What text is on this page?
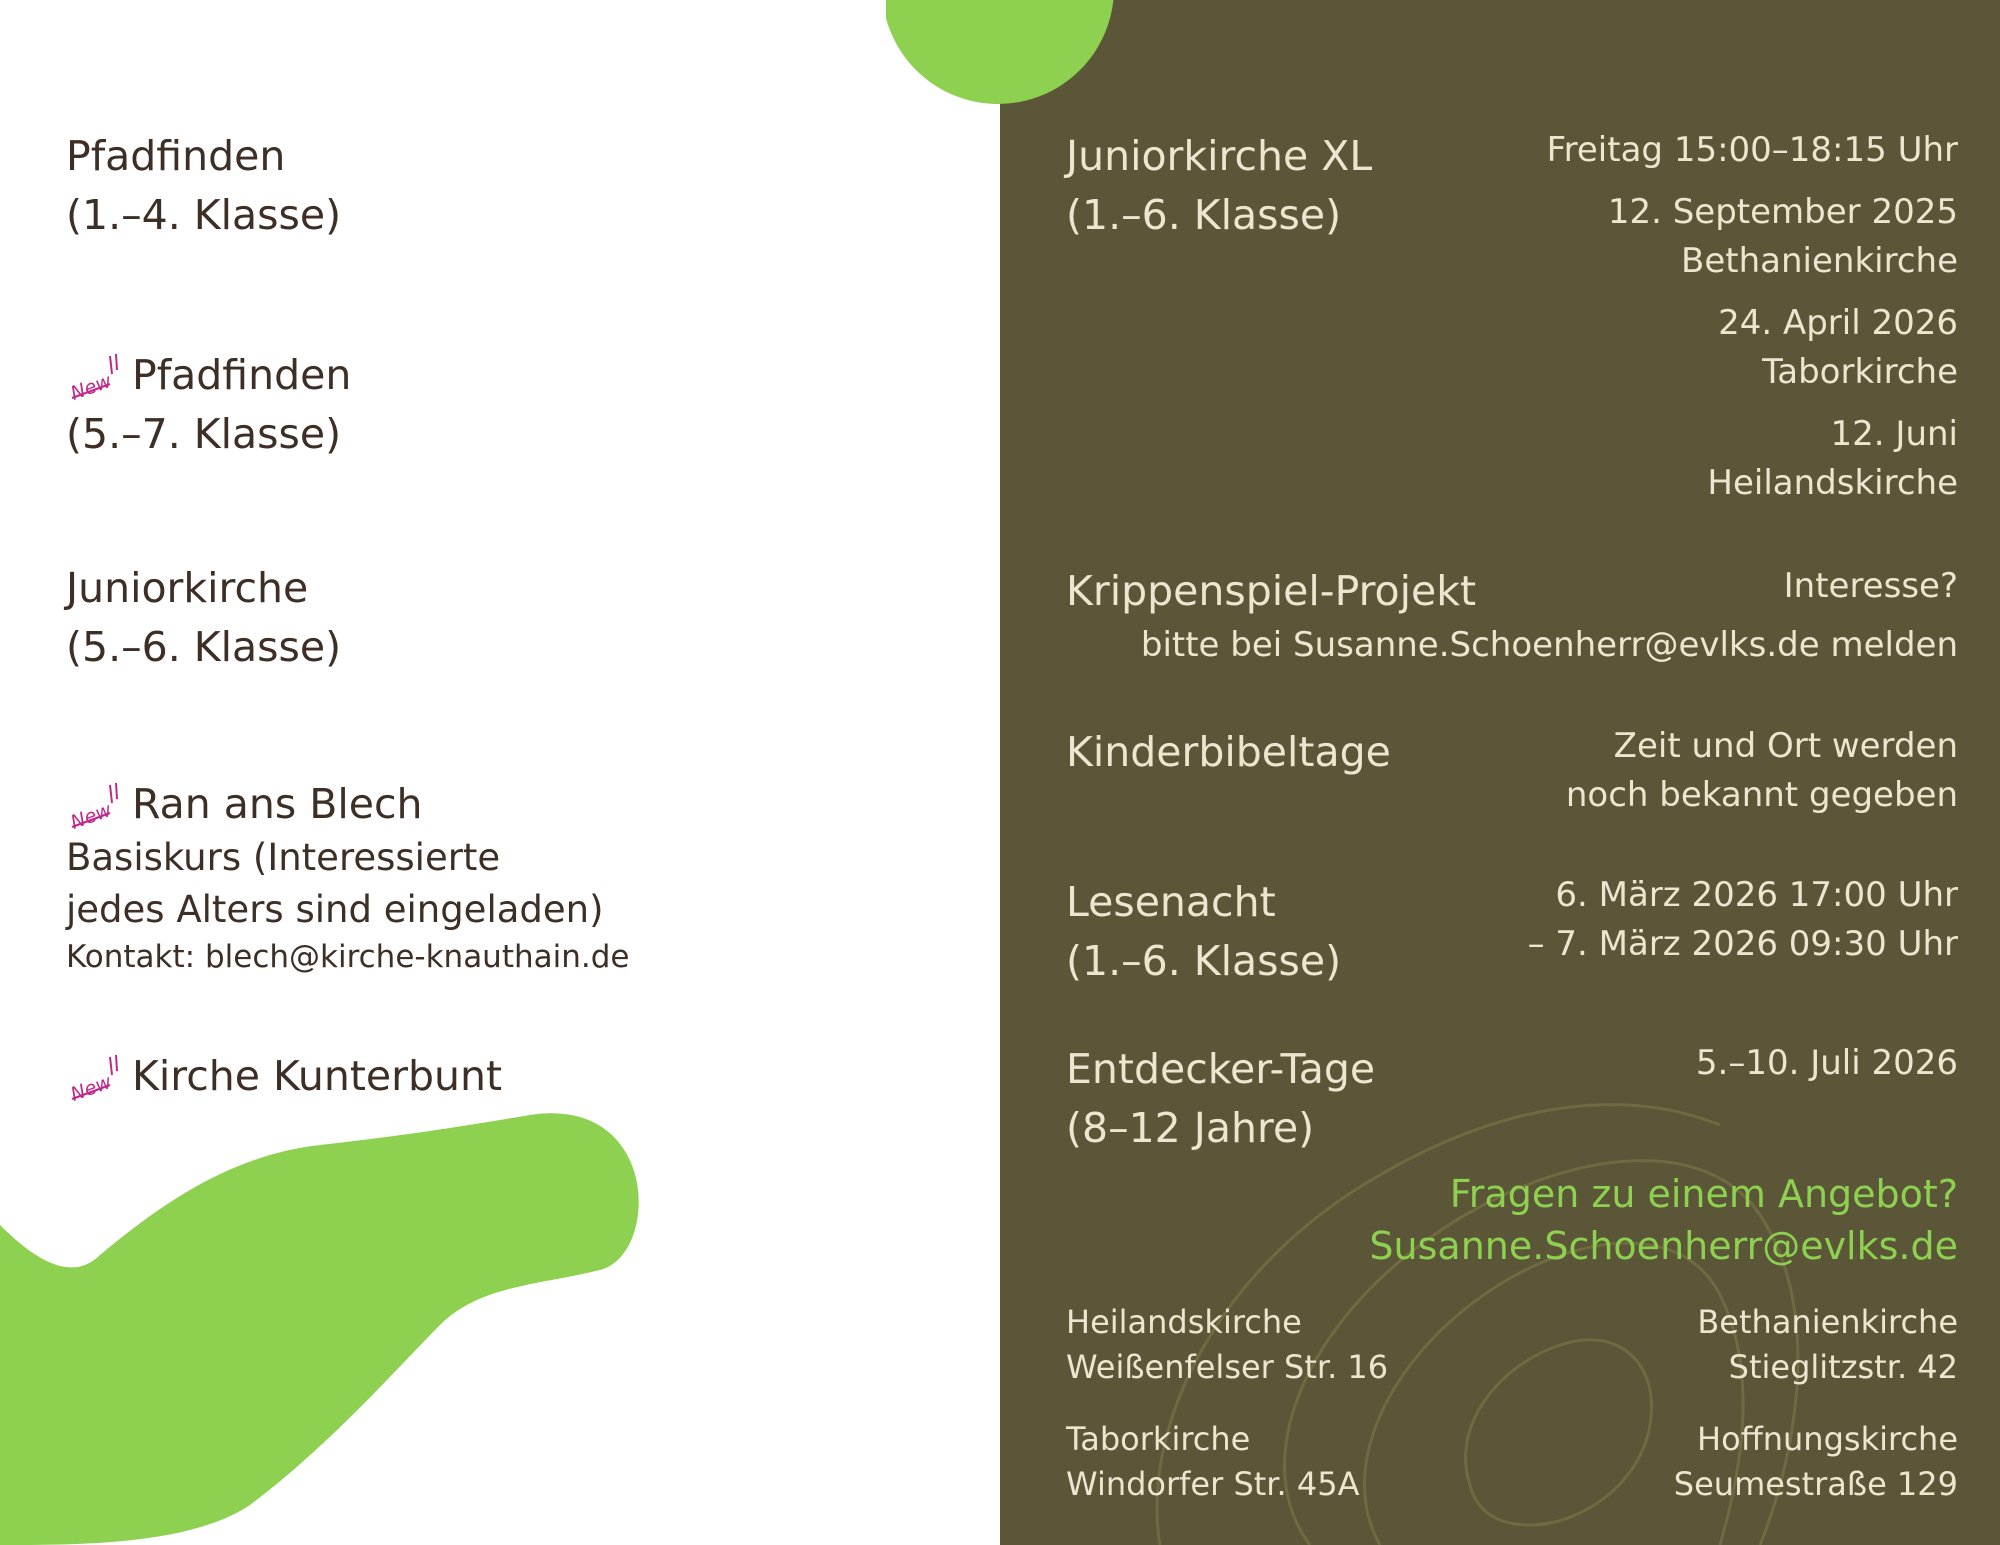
Pfadfinden
(1.–4. Klasse)
New Pfadfinden
(5.–7. Klasse)
Juniorkirche
(5.–6. Klasse)
New Ran ans Blech
Basiskurs (Interessierte
jedes Alters sind eingeladen)
Kontakt: blech@kirche-knauthain.de
New Kirche Kunterbunt
Juniorkirche XL
(1.–6. Klasse)
Freitag 15:00–18:15 Uhr
12. September 2025
Bethanienkirche
24. April 2026
Taborkirche
12. Juni
Heilandskirche
Krippenspiel-Projekt	Interesse?
bitte bei Susanne.Schoenherr@evlks.de melden
Kinderbibeltage	Zeit und Ort werden
noch bekannt gegeben
Lesenacht
(1.–6. Klasse)
6. März 2026 17:00 Uhr
– 7. März 2026 09:30 Uhr
Entdecker-Tage
(8–12 Jahre)
5.–10. Juli 2026
Fragen zu einem Angebot?
Susanne.Schoenherr@evlks.de
Heilandskirche
Weißenfelser Str. 16
Bethanienkirche
Stieglitzstr. 42
Taborkirche
Windorfer Str. 45A
Hoffnungskirche
Seumestraße 129
